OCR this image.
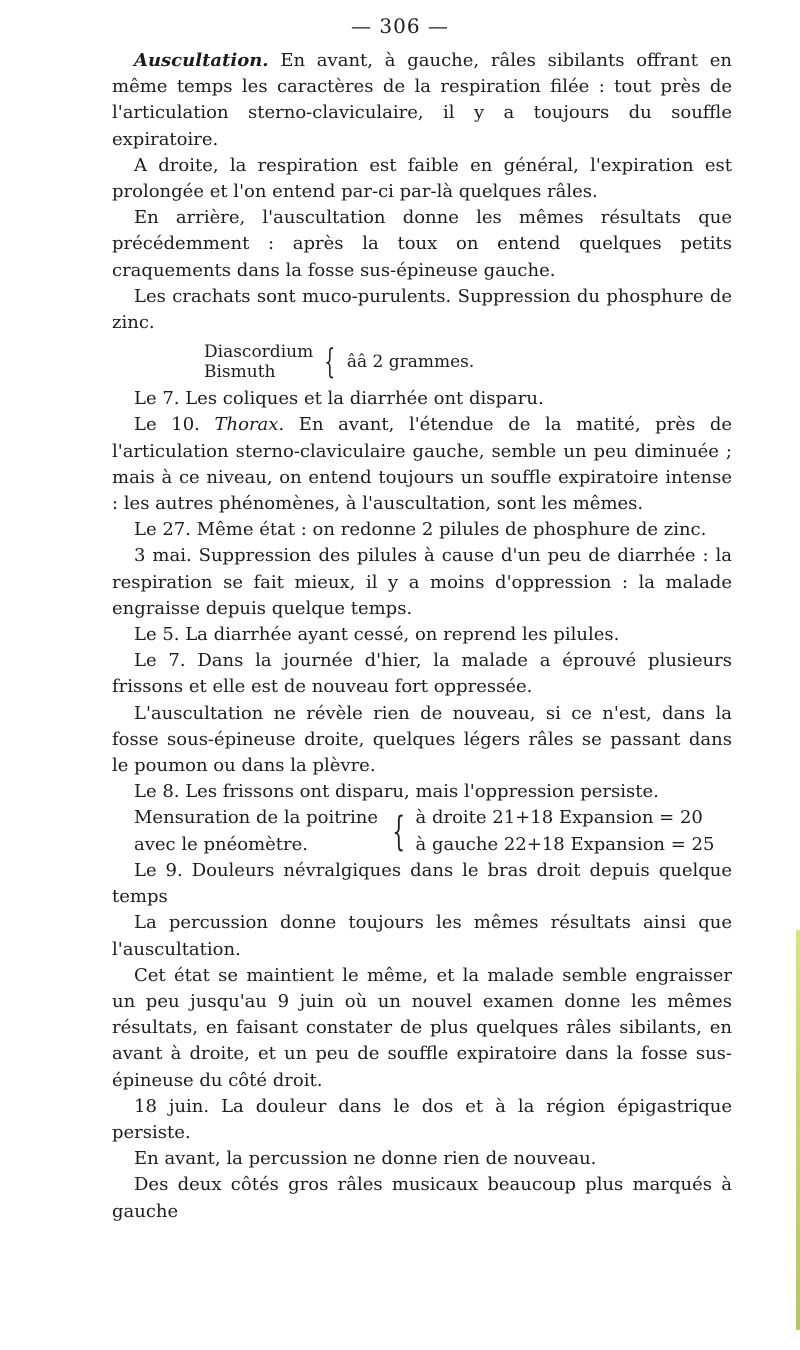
— 306 —

Auscultation. En avant, à gauche, râles sibilants offrant en même temps les caractères de la respiration filée : tout près de l'articulation sterno-claviculaire, il y a toujours du souffle expiratoire.

A droite, la respiration est faible en général, l'expiration est prolongée et l'on entend par-ci par-là quelques râles.

En arrière, l'auscultation donne les mêmes résultats que précédemment : après la toux on entend quelques petits craquements dans la fosse sus-épineuse gauche.

Les crachats sont muco-purulents. Suppression du phosphure de zinc.

Diascordium
Bismuth	{ ââ 2 grammes.

Le 7. Les coliques et la diarrhée ont disparu.

Le 10. Thorax. En avant, l'étendue de la matité, près de l'articulation sterno-claviculaire gauche, semble un peu diminuée ; mais à ce niveau, on entend toujours un souffle expiratoire intense : les autres phénomènes, à l'auscultation, sont les mêmes.

Le 27. Même état : on redonne 2 pilules de phosphure de zinc.

3 mai. Suppression des pilules à cause d'un peu de diarrhée : la respiration se fait mieux, il y a moins d'oppression : la malade engraisse depuis quelque temps.

Le 5. La diarrhée ayant cessé, on reprend les pilules.

Le 7. Dans la journée d'hier, la malade a éprouvé plusieurs frissons et elle est de nouveau fort oppressée.

L'auscultation ne révèle rien de nouveau, si ce n'est, dans la fosse sous-épineuse droite, quelques légers râles se passant dans le poumon ou dans la plèvre.

Le 8. Les frissons ont disparu, mais l'oppression persiste.

Mensuration de la poitrine
avec le pnéomètre.	{ à droite 21+18 Expansion = 20
à gauche 22+18 Expansion = 25

Le 9. Douleurs névralgiques dans le bras droit depuis quelque temps

La percussion donne toujours les mêmes résultats ainsi que l'auscultation.

Cet état se maintient le même, et la malade semble engraisser un peu jusqu'au 9 juin où un nouvel examen donne les mêmes résultats, en faisant constater de plus quelques râles sibilants, en avant à droite, et un peu de souffle expiratoire dans la fosse sus-épineuse du côté droit.

18 juin. La douleur dans le dos et à la région épigastrique persiste.

En avant, la percussion ne donne rien de nouveau.

Des deux côtés gros râles musicaux beaucoup plus marqués à gauche
